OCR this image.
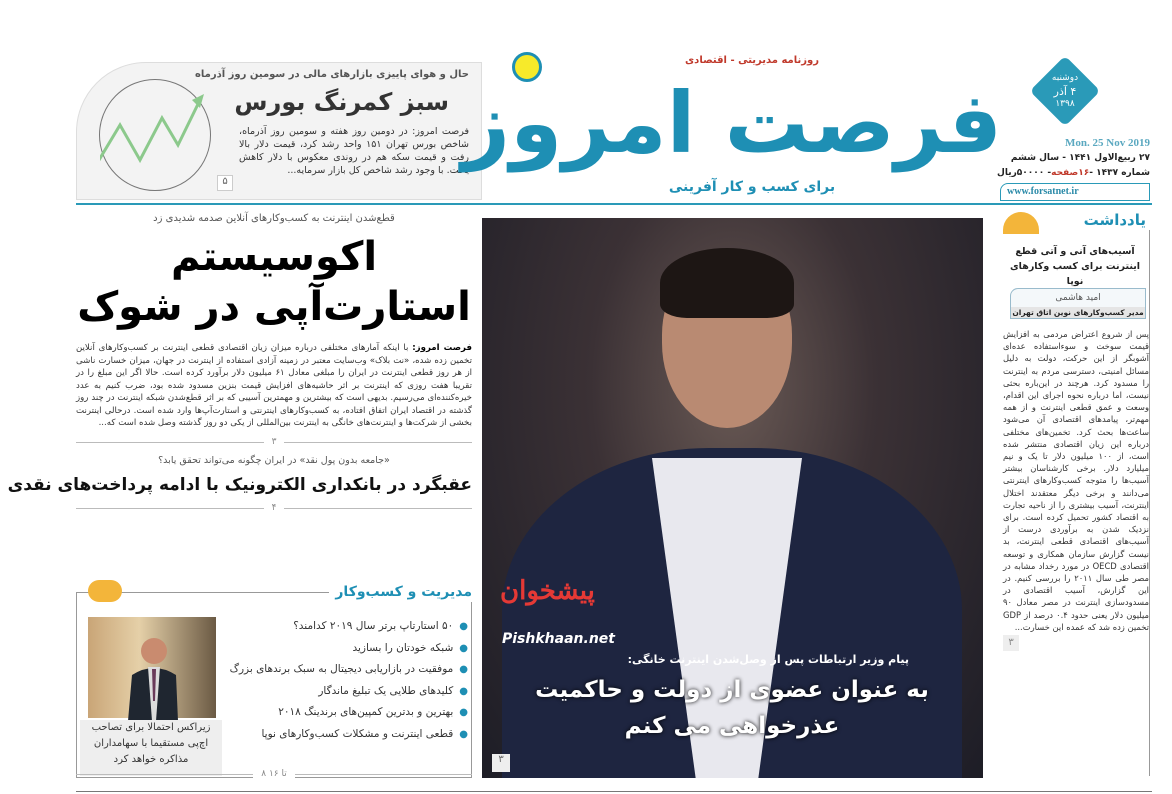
حال و هوای پاییزی بازارهای مالی در سومین روز آذرماه
سبز کمرنگ بورس
فرصت امروز: در دومین روز هفته و سومین روز آذرماه، شاخص بورس تهران ۱۵۱ واحد رشد کرد، قیمت دلار بالا رفت و قیمت سکه هم در روندی معکوس با دلار کاهش یافت. با وجود رشد شاخص کل بازار سرمایه...
۵
روزنامه مدیریتی - اقتصادی
برای کسب و کار آفرینی
فرصت امروز	دوشنبه
۴ آذر
۱۳۹۸
Mon. 25 Nov 2019
۲۷ ربیع‌الاول ۱۴۴۱ - سال ششم
شماره ۱۴۳۷ -۱۶صفحه- ۵۰۰۰۰ریال
www.forsatnet.ir
قطع‌شدن اینترنت به کسب‌وکارهای آنلاین صدمه شدیدی زد
اکوسیستم استارت‌آپی در شوک
فرصت امروز: با اینکه آمارهای مختلفی درباره میزان زیان اقتصادی قطعی اینترنت بر کسب‌وکارهای آنلاین تخمین زده شده، «نت بلاک» وب‌سایت معتبر در زمینه آزادی استفاده از اینترنت در جهان، میزان خسارت ناشی از هر روز قطعی اینترنت در ایران را مبلغی معادل ۶۱ میلیون دلار برآورد کرده است. حالا اگر این مبلغ را در تقریبا هفت روزی که اینترنت بر اثر حاشیه‌های افزایش قیمت بنزین مسدود شده بود، ضرب کنیم به عدد خیره‌کننده‌ای می‌رسیم. بدیهی است که بیشترین و مهمترین آسیبی که بر اثر قطع‌شدن شبکه اینترنت در چند روز گذشته در اقتصاد ایران اتفاق افتاده، به کسب‌وکارهای اینترنتی و استارت‌آپ‌ها وارد شده است. درحالی اینترنت بخشی از شرکت‌ها و اینترنت‌های خانگی به اینترنت بین‌المللی از یکی دو روز گذشته وصل شده است که...
۳
«جامعه بدون پول نقد» در ایران چگونه می‌تواند تحقق یابد؟
عقبگرد در بانکداری الکترونیک با ادامه پرداخت‌های نقدی
۴
مدیریت و کسب‌وکار
زیراکس احتمالا برای تصاحب اچ‌پی مستقیما با سهامداران مذاکره خواهد کرد
● ۵۰ استارتاپ برتر سال ۲۰۱۹ کدامند؟
● شبکه خودتان را بسازید
● موفقیت در بازاریابی دیجیتال به سبک برندهای بزرگ
● کلیدهای طلایی یک تبلیغ ماندگار
● بهترین و بدترین کمپین‌های برندینگ ۲۰۱۸
● قطعی اینترنت و مشکلات کسب‌وکارهای نوپا
۸ تا ۱۶
پیشخوان
Pishkhaan.net
پیام وزیر ارتباطات پس از وصل‌شدن اینترنت خانگی:
به عنوان عضوی از دولت و حاکمیت عذرخواهی می کنم
۳
یادداشت
آسیب‌های آنی و آتی قطع اینترنت برای کسب وکارهای نوپا
امید هاشمی
مدیر کسب‌وکارهای نوین اتاق تهران
پس از شروع اعتراض مردمی به افزایش قیمت سوخت و سوءاستفاده عده‌ای آشوبگر از این حرکت، دولت به دلیل مسائل امنیتی، دسترسی مردم به اینترنت را مسدود کرد. هرچند در این‌باره بحثی نیست، اما درباره نحوه اجرای این اقدام، وسعت و عمق قطعی اینترنت و از همه مهم‌تر، پیامدهای اقتصادی آن می‌شود ساعت‌ها بحث کرد. تخمین‌های مختلفی درباره این زیان اقتصادی منتشر شده است، از ۱۰۰ میلیون دلار تا یک و نیم میلیارد دلار. برخی کارشناسان بیشتر آسیب‌ها را متوجه کسب‌وکارهای اینترنتی می‌دانند و برخی دیگر معتقدند اختلال اینترنت، آسیب بیشتری را از ناحیه تجارت به اقتصاد کشور تحمیل کرده است. برای نزدیک شدن به برآوردی درست از آسیب‌های اقتصادی قطعی اینترنت، بد نیست گزارش سازمان همکاری و توسعه اقتصادی OECD در مورد رخداد مشابه در مصر طی سال ۲۰۱۱ را بررسی کنیم. در این گزارش، آسیب اقتصادی در مسدودسازی اینترنت در مصر معادل ۹۰ میلیون دلار یعنی حدود ۰.۴ درصد از GDP تخمین زده شد که عمده این خسارت...
۳
